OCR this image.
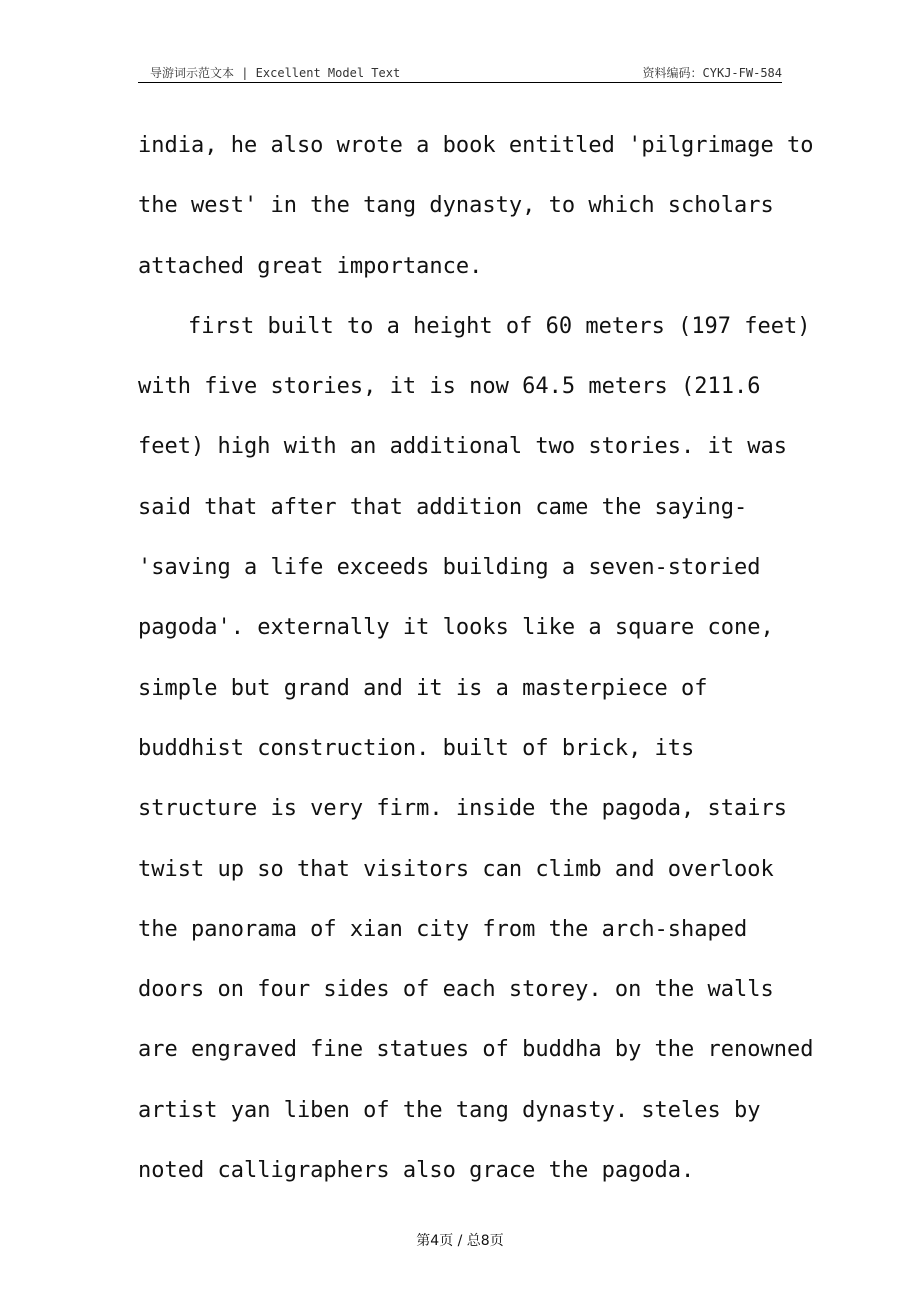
导游词示范文本 | Excellent Model Text	资料编码：CYKJ-FW-584
india, he also wrote a book entitled 'pilgrimage to
the west' in the tang dynasty, to which scholars
attached great importance.
first built to a height of 60 meters (197 feet)
with five stories, it is now 64.5 meters (211.6
feet) high with an additional two stories. it was
said that after that addition came the saying-
'saving a life exceeds building a seven-storied
pagoda'. externally it looks like a square cone,
simple but grand and it is a masterpiece of
buddhist construction. built of brick, its
structure is very firm. inside the pagoda, stairs
twist up so that visitors can climb and overlook
the panorama of xian city from the arch-shaped
doors on four sides of each storey. on the walls
are engraved fine statues of buddha by the renowned
artist yan liben of the tang dynasty. steles by
noted calligraphers also grace the pagoda.
第4页 / 总8页
